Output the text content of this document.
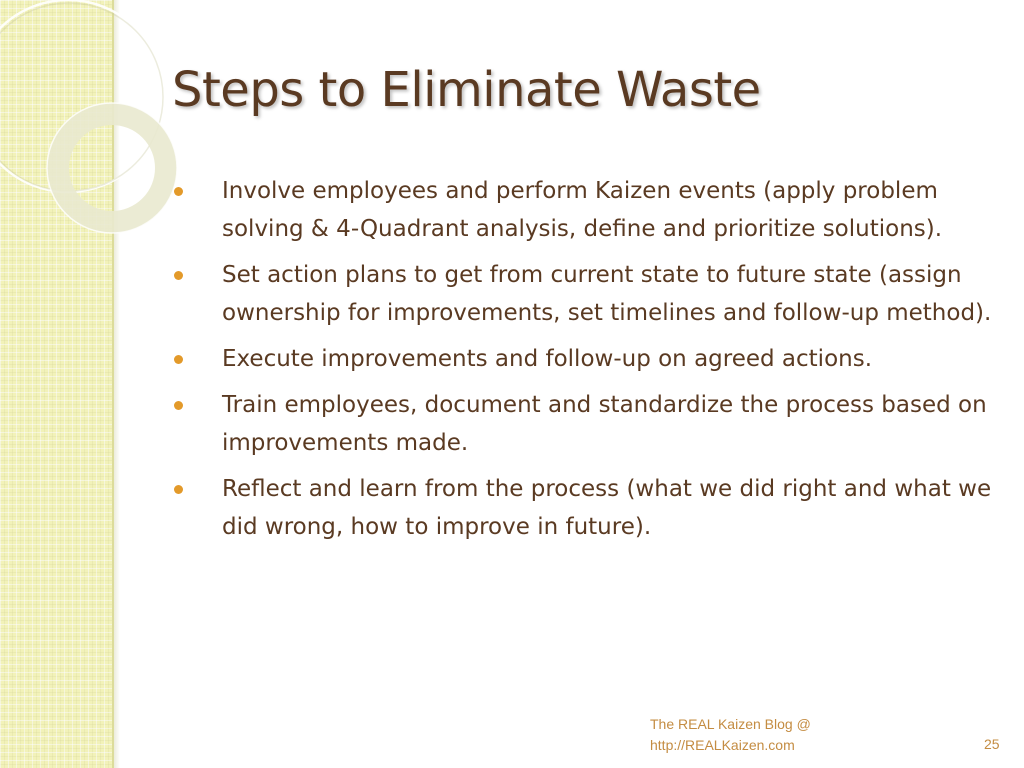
Steps to Eliminate Waste
Involve employees and perform Kaizen events (apply problem solving & 4-Quadrant analysis, define and prioritize solutions).
Set action plans to get from current state to future state (assign ownership for improvements, set timelines and follow-up method).
Execute improvements and follow-up on agreed actions.
Train employees, document and standardize the process based on improvements made.
Reflect and learn from the process (what we did right and what we did wrong, how to improve in future).
The REAL Kaizen Blog @
http://REALKaizen.com	25
